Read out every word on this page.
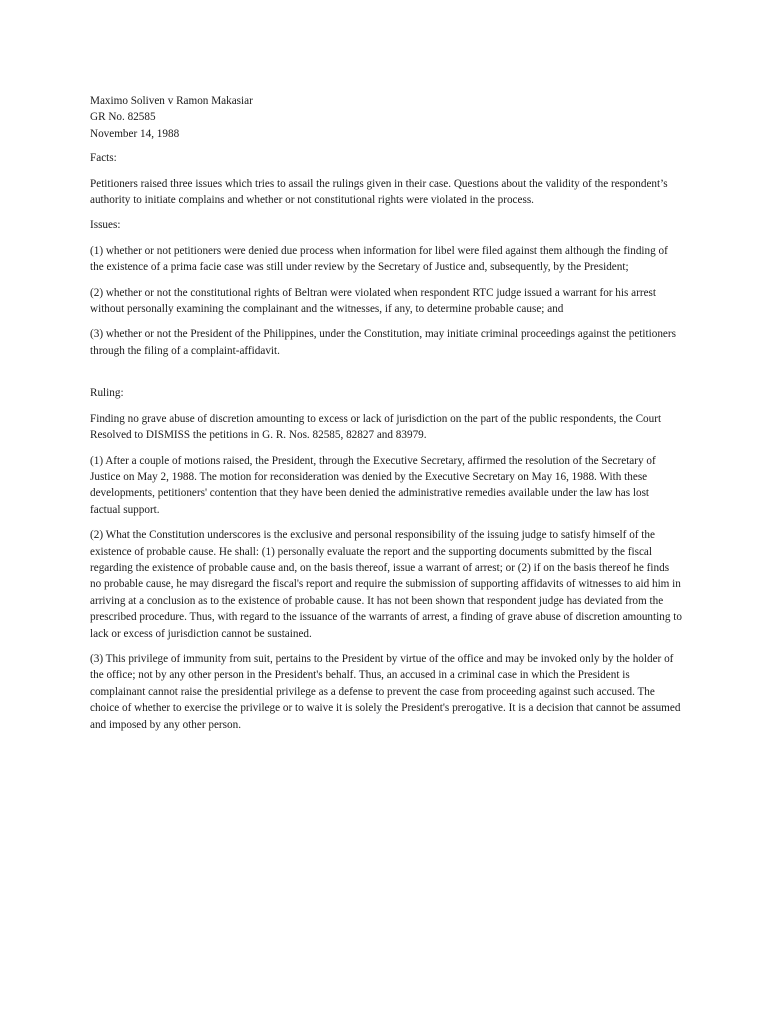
Maximo Soliven v Ramon Makasiar

GR No. 82585

November 14, 1988

Facts:

Petitioners raised three issues which tries to assail the rulings given in their case. Questions about the validity of the respondent’s authority to initiate complains and whether or not constitutional rights were violated in the process.

Issues:

(1) whether or not petitioners were denied due process when information for libel were filed against them although the finding of the existence of a prima facie case was still under review by the Secretary of Justice and, subsequently, by the President;

(2) whether or not the constitutional rights of Beltran were violated when respondent RTC judge issued a warrant for his arrest without personally examining the complainant and the witnesses, if any, to determine probable cause; and

(3) whether or not the President of the Philippines, under the Constitution, may initiate criminal proceedings against the petitioners through the filing of a complaint-affidavit.

Ruling:

Finding no grave abuse of discretion amounting to excess or lack of jurisdiction on the part of the public respondents, the Court Resolved to DISMISS the petitions in G. R. Nos. 82585, 82827 and 83979.

(1) After a couple of motions raised, the President, through the Executive Secretary, affirmed the resolution of the Secretary of Justice on May 2, 1988. The motion for reconsideration was denied by the Executive Secretary on May 16, 1988. With these developments, petitioners' contention that they have been denied the administrative remedies available under the law has lost factual support.

(2) What the Constitution underscores is the exclusive and personal responsibility of the issuing judge to satisfy himself of the existence of probable cause. He shall: (1) personally evaluate the report and the supporting documents submitted by the fiscal regarding the existence of probable cause and, on the basis thereof, issue a warrant of arrest; or (2) if on the basis thereof he finds no probable cause, he may disregard the fiscal's report and require the submission of supporting affidavits of witnesses to aid him in arriving at a conclusion as to the existence of probable cause. It has not been shown that respondent judge has deviated from the prescribed procedure. Thus, with regard to the issuance of the warrants of arrest, a finding of grave abuse of discretion amounting to lack or excess of jurisdiction cannot be sustained.

(3) This privilege of immunity from suit, pertains to the President by virtue of the office and may be invoked only by the holder of the office; not by any other person in the President's behalf. Thus, an accused in a criminal case in which the President is complainant cannot raise the presidential privilege as a defense to prevent the case from proceeding against such accused. The choice of whether to exercise the privilege or to waive it is solely the President's prerogative. It is a decision that cannot be assumed and imposed by any other person.
